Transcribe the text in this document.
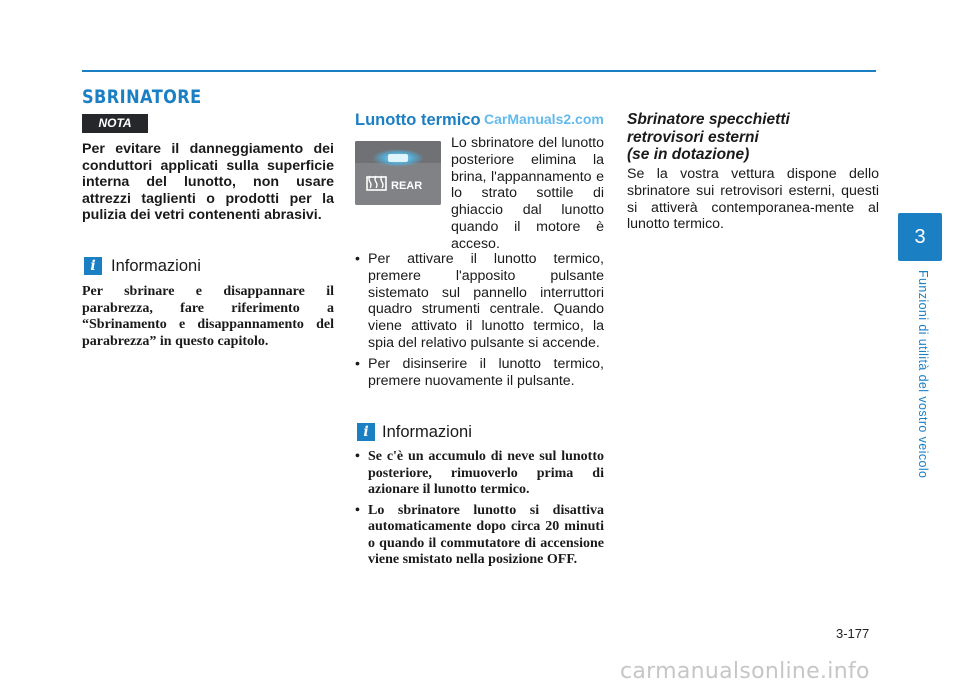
SBRINATORE
NOTA
Per evitare il danneggiamento dei conduttori applicati sulla superficie interna del lunotto, non usare attrezzi taglienti o prodotti per la pulizia dei vetri contenenti abrasivi.
i Informazioni
Per sbrinare e disappannare il parabrezza, fare riferimento a “Sbrinamento e disappannamento del parabrezza” in questo capitolo.
Lunotto termico CarManuals2.com
REAR
Lo sbrinatore del lunotto posteriore elimina la brina, l'appannamento e lo strato sottile di ghiaccio dal lunotto quando il motore è acceso.
• Per attivare il lunotto termico, premere l'apposito pulsante sistemato sul pannello interruttori quadro strumenti centrale. Quando viene attivato il lunotto termico, la spia del relativo pulsante si accende.
• Per disinserire il lunotto termico, premere nuovamente il pulsante.
i Informazioni
• Se c'è un accumulo di neve sul lunotto posteriore, rimuoverlo prima di azionare il lunotto termico.
• Lo sbrinatore lunotto si disattiva automaticamente dopo circa 20 minuti o quando il commutatore di accensione viene smistato nella posizione OFF.
Sbrinatore specchietti
retrovisori esterni
(se in dotazione)
Se la vostra vettura dispone dello sbrinatore sui retrovisori esterni, questi si attiverà contemporanea-mente al lunotto termico.
3
Funzioni di utilità del vostro veicolo
3-177
carmanualsonline.info
